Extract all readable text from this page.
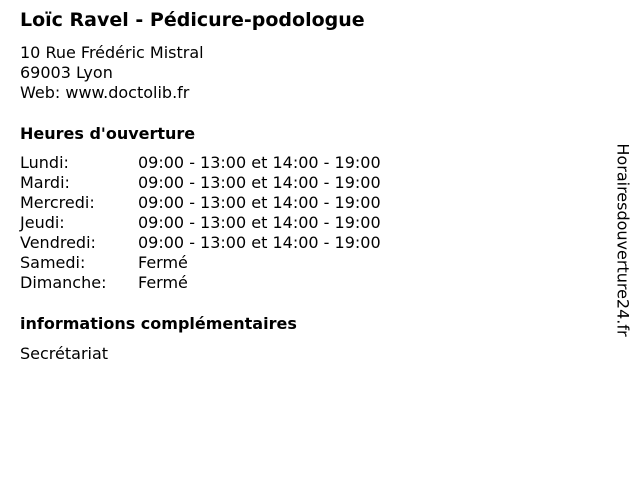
Loïc Ravel - Pédicure-podologue
10 Rue Frédéric Mistral
69003 Lyon
Web: www.doctolib.fr
Heures d'ouverture
Lundi:	09:00 - 13:00 et 14:00 - 19:00
Mardi:	09:00 - 13:00 et 14:00 - 19:00
Mercredi:	09:00 - 13:00 et 14:00 - 19:00
Jeudi:	09:00 - 13:00 et 14:00 - 19:00
Vendredi:	09:00 - 13:00 et 14:00 - 19:00
Samedi:	Fermé
Dimanche:	Fermé
informations complémentaires
Secrétariat
Horairesdouverture24.fr
